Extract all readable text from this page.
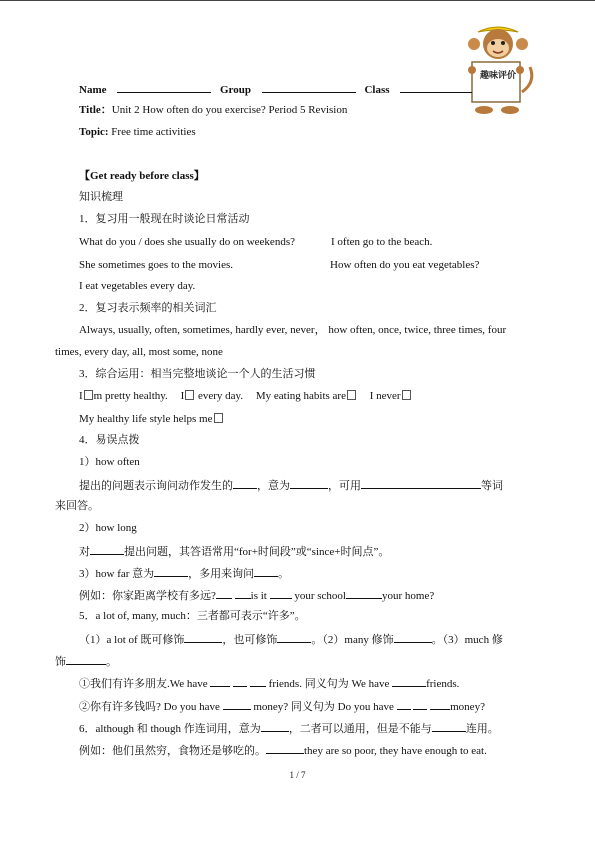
趣味评价
Name	Group	Class
Title：Unit 2 How often do you exercise? Period 5 Revision
Topic: Free time activities
【Get ready before class】
知识梳理
1．复习用一般现在时谈论日常活动
What do you / does she usually do on weekends?	I often go to the beach.
She sometimes goes to the movies.	How often do you eat vegetables?
I eat vegetables every day.
2．复习表示频率的相关词汇
Always, usually, often, sometimes, hardly ever, never， how often, once, twice, three times, four
times, every day, all, most some, none
3．综合运用：相当完整地谈论一个人的生活习惯
I m pretty healthy. I every day. My eating habits are I never
My healthy life style helps me
4．易误点拨
1）how often
提出的问题表示询问动作发生的 ，意为	，可用	等词
来回答。
2）how long
对	提出问题，其答语常用“for+时间段”或“since+时间点”。
3）how far 意为	，多用来询问 。
例如：你家距离学校有多远?	is it	your school	your home?
5．a lot of, many, much：三者都可表示“许多”。
（1）a lot of 既可修饰	，也可修饰	。（2）many 修饰	。（3）much 修
饰	。
①我们有许多朋友.We have	friends. 同义句为 We have	friends.
②你有许多钱吗? Do you have	money? 同义句为 Do you have	money?
6．although 和 though 作连词用，意为	，二者可以通用，但是不能与	连用。
例如：他们虽然穷，食物还是够吃的。	they are so poor, they have enough to eat.
1 / 7
